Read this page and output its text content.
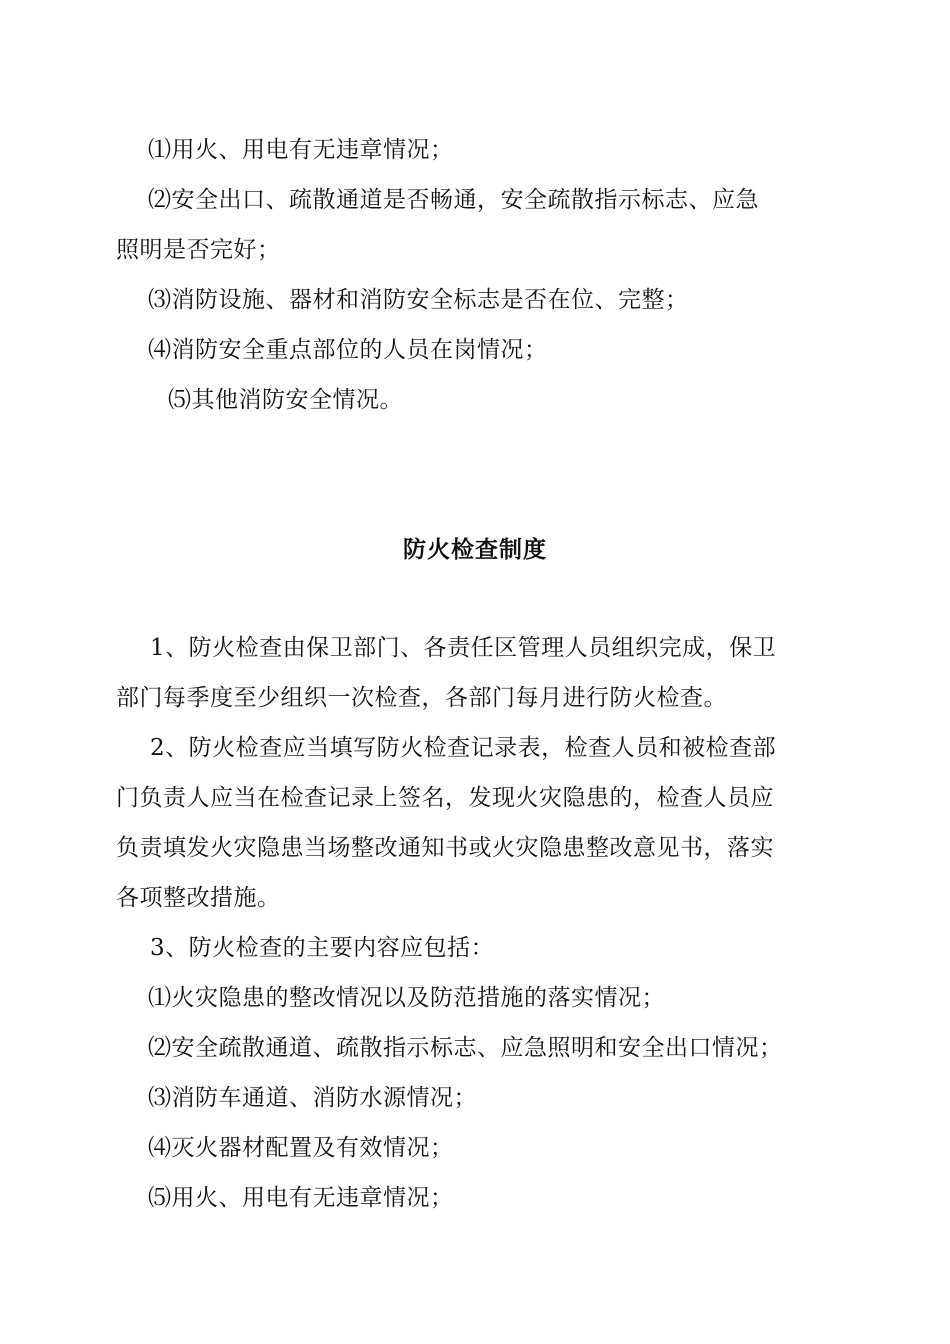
⑴用火、用电有无违章情况；
⑵安全出口、疏散通道是否畅通，安全疏散指示标志、应急
照明是否完好；
⑶消防设施、器材和消防安全标志是否在位、完整；
⑷消防安全重点部位的人员在岗情况；
⑸其他消防安全情况。
防火检查制度
1、防火检查由保卫部门、各责任区管理人员组织完成，保卫
部门每季度至少组织一次检查，各部门每月进行防火检查。
2、防火检查应当填写防火检查记录表，检查人员和被检查部
门负责人应当在检查记录上签名，发现火灾隐患的，检查人员应
负责填发火灾隐患当场整改通知书或火灾隐患整改意见书，落实
各项整改措施。
3、防火检查的主要内容应包括：
⑴火灾隐患的整改情况以及防范措施的落实情况；
⑵安全疏散通道、疏散指示标志、应急照明和安全出口情况；
⑶消防车通道、消防水源情况；
⑷灭火器材配置及有效情况；
⑸用火、用电有无违章情况；
